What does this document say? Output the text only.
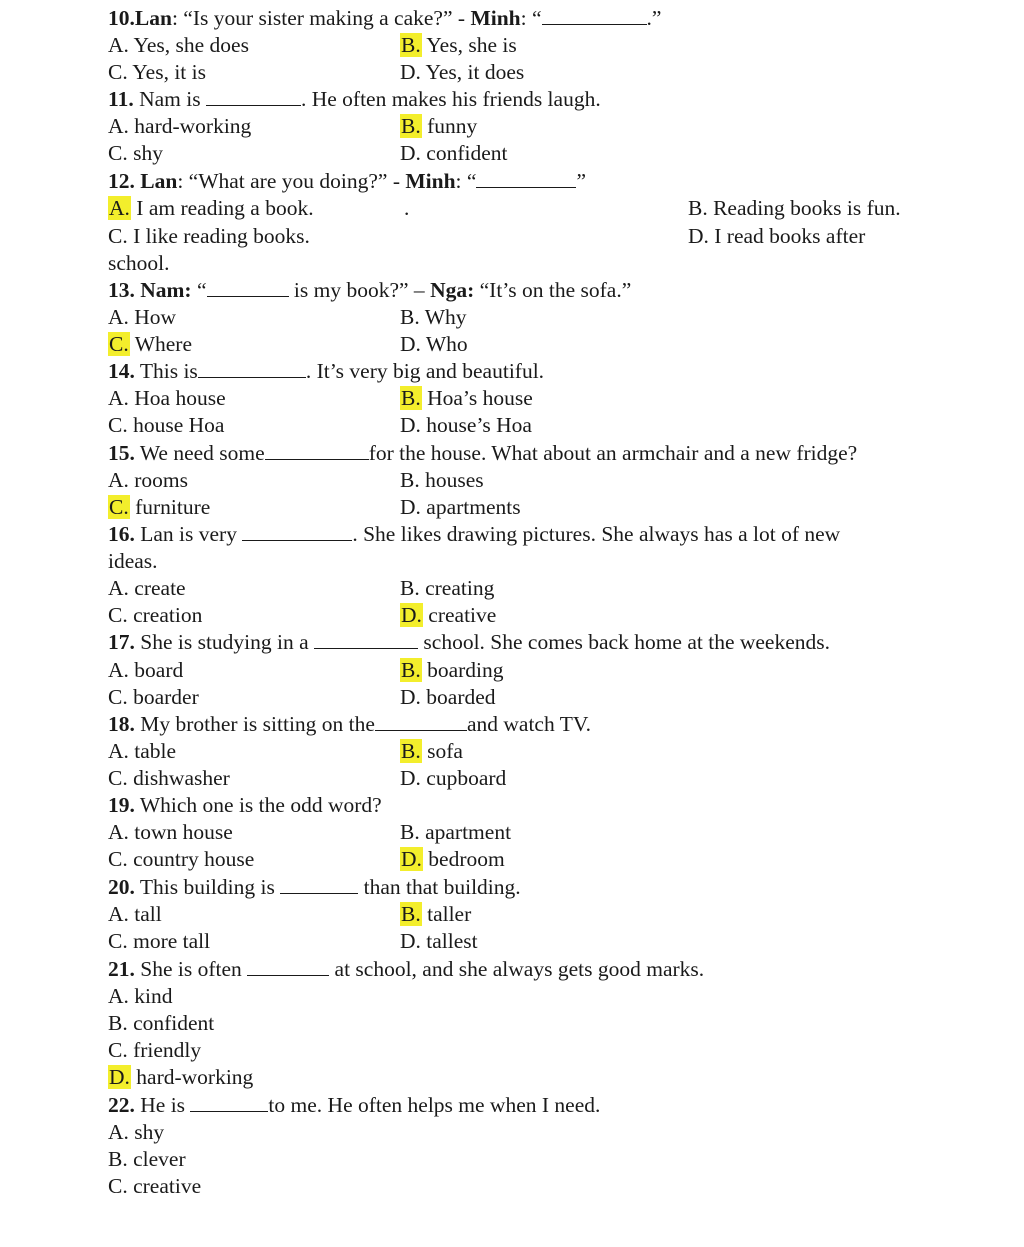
10.Lan: “Is your sister making a cake?” - Minh: “	.”
A. Yes, she does	B. Yes, she is
C. Yes, it is	D. Yes, it does
11. Nam is	. He often makes his friends laugh.
A. hard-working	B. funny
C. shy	D. confident
12. Lan: “What are you doing?” - Minh: “	”
A. I am reading a book.	.	B. Reading books is fun.
C. I like reading books.	D. I read books after
school.
13. Nam: “	is my book?” – Nga: “It’s on the sofa.”
A. How	B. Why
C. Where	D. Who
14. This is	. It’s very big and beautiful.
A. Hoa house	B. Hoa’s house
C. house Hoa	D. house’s Hoa
15. We need some	for the house. What about an armchair and a new fridge?
A. rooms	B. houses
C. furniture	D. apartments
16. Lan is very	. She likes drawing pictures. She always has a lot of new
ideas.
A. create	B. creating
C. creation	D. creative
17. She is studying in a	school. She comes back home at the weekends.
A. board	B. boarding
C. boarder	D. boarded
18. My brother is sitting on the	and watch TV.
A. table	B. sofa
C. dishwasher	D. cupboard
19. Which one is the odd word?
A. town house	B. apartment
C. country house	D. bedroom
20. This building is	than that building.
A. tall	B. taller
C. more tall	D. tallest
21. She is often	at school, and she always gets good marks.
A. kind
B. confident
C. friendly
D. hard-working
22. He is	to me. He often helps me when I need.
A. shy
B. clever
C. creative
